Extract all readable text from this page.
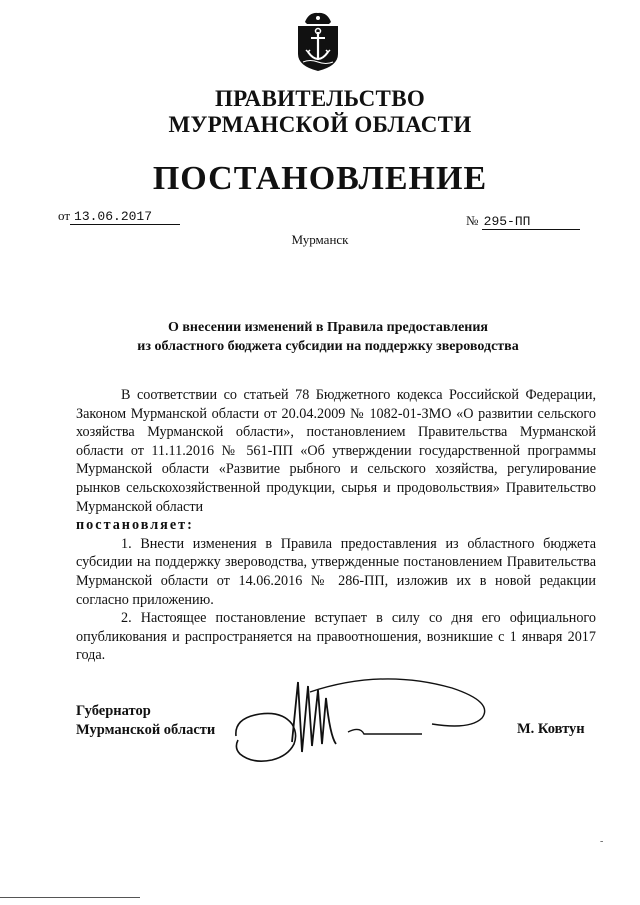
ПРАВИТЕЛЬСТВО
МУРМАНСКОЙ ОБЛАСТИ
ПОСТАНОВЛЕНИЕ
от 13.06.2017	№ 295-ПП
Мурманск
О внесении изменений в Правила предоставления
из областного бюджета субсидии на поддержку звероводства

В соответствии со статьей 78 Бюджетного кодекса Российской Федерации, Законом Мурманской области от 20.04.2009 № 1082-01-ЗМО «О развитии сельского хозяйства Мурманской области», постановлением Правительства Мурманской области от 11.11.2016 № 561-ПП «Об утверждении государственной программы Мурманской области «Развитие рыбного и сельского хозяйства, регулирование рынков сельскохозяйственной продукции, сырья и продовольствия» Правительство Мурманской области

постановляет:

1. Внести изменения в Правила предоставления из областного бюджета субсидии на поддержку звероводства, утвержденные постановлением Правительства Мурманской области от 14.06.2016 № 286-ПП, изложив их в новой редакции согласно приложению.

2. Настоящее постановление вступает в силу со дня его официального опубликования и распространяется на правоотношения, возникшие с 1 января 2017 года.

Губернатор
Мурманской области	М. Ковтун
-
